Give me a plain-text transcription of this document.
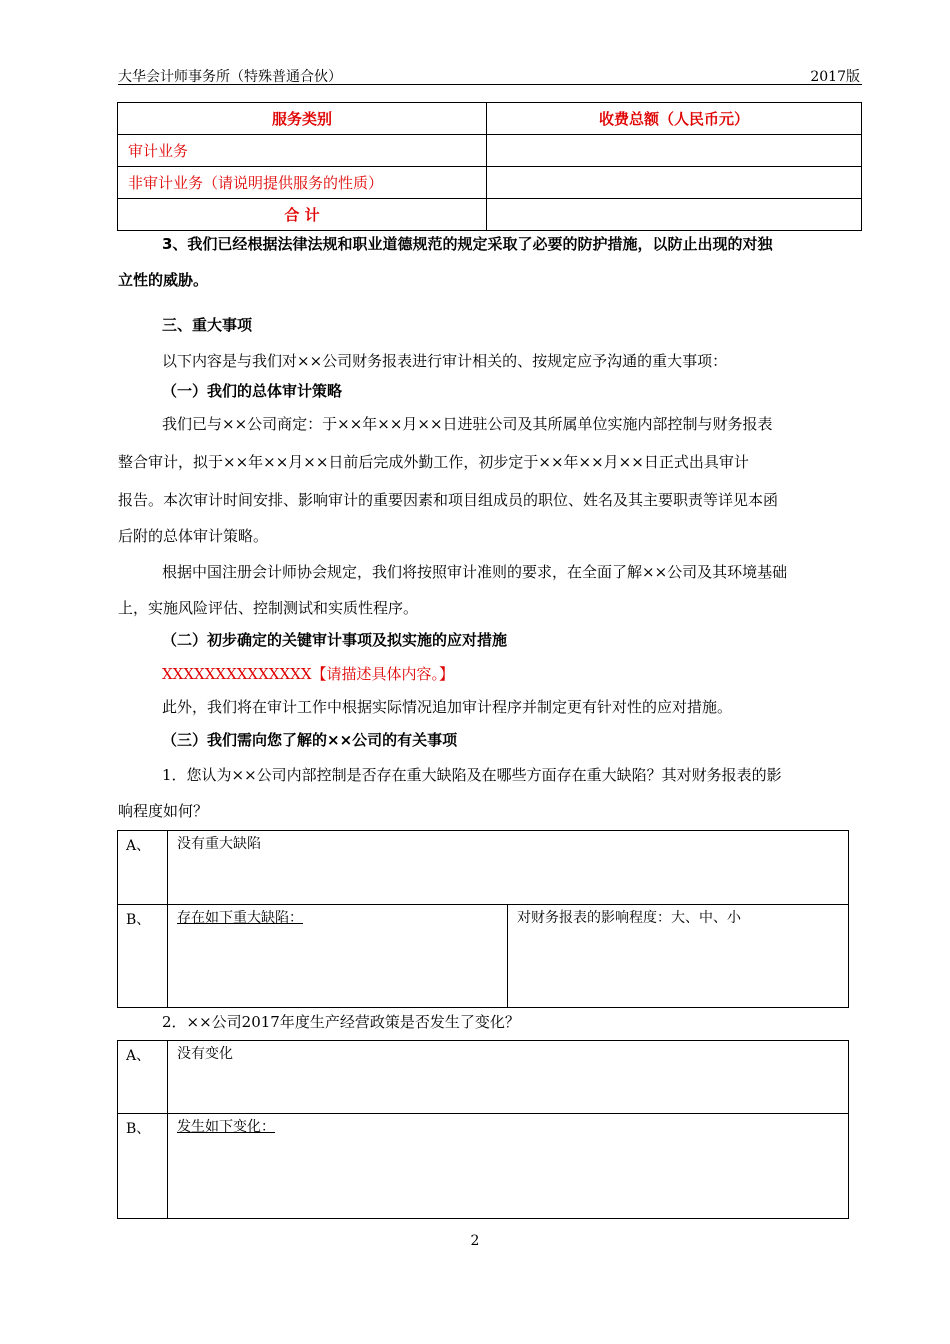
大华会计师事务所（特殊普通合伙）	2017版
服务类别	收费总额（人民币元）
审计业务	
非审计业务（请说明提供服务的性质）	
合 计	
3、我们已经根据法律法规和职业道德规范的规定采取了必要的防护措施，以防止出现的对独
立性的威胁。
三、重大事项
以下内容是与我们对××公司财务报表进行审计相关的、按规定应予沟通的重大事项：
（一）我们的总体审计策略
我们已与××公司商定：于××年××月××日进驻公司及其所属单位实施内部控制与财务报表
整合审计，拟于××年××月××日前后完成外勤工作，初步定于××年××月××日正式出具审计
报告。本次审计时间安排、影响审计的重要因素和项目组成员的职位、姓名及其主要职责等详见本函
后附的总体审计策略。
根据中国注册会计师协会规定，我们将按照审计准则的要求，在全面了解××公司及其环境基础
上，实施风险评估、控制测试和实质性程序。
（二）初步确定的关键审计事项及拟实施的应对措施
XXXXXXXXXXXXXX【请描述具体内容。】
此外，我们将在审计工作中根据实际情况追加审计程序并制定更有针对性的应对措施。
（三）我们需向您了解的××公司的有关事项
1．您认为××公司内部控制是否存在重大缺陷及在哪些方面存在重大缺陷？其对财务报表的影
响程度如何？
A、	没有重大缺陷	
B、	存在如下重大缺陷：	对财务报表的影响程度：大、中、小
2．××公司2017年度生产经营政策是否发生了变化？
A、	没有变化
B、	发生如下变化：
2
